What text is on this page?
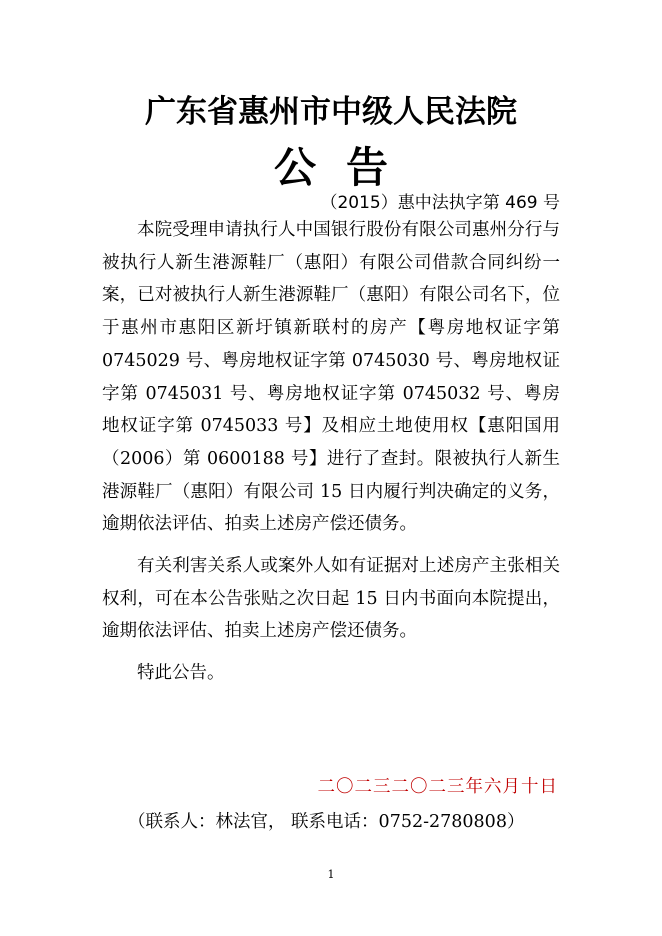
广东省惠州市中级人民法院
公告
（2015）惠中法执字第 469 号

本院受理申请执行人中国银行股份有限公司惠州分行与被执行人新生港源鞋厂（惠阳）有限公司借款合同纠纷一案，已对被执行人新生港源鞋厂（惠阳）有限公司名下，位于惠州市惠阳区新圩镇新联村的房产【粤房地权证字第 0745029 号、粤房地权证字第 0745030 号、粤房地权证字第 0745031 号、粤房地权证字第 0745032 号、粤房地权证字第 0745033 号】及相应土地使用权【惠阳国用（2006）第 0600188 号】进行了查封。限被执行人新生港源鞋厂（惠阳）有限公司 15 日内履行判决确定的义务，逾期依法评估、拍卖上述房产偿还债务。

有关利害关系人或案外人如有证据对上述房产主张相关权利，可在本公告张贴之次日起 15 日内书面向本院提出，逾期依法评估、拍卖上述房产偿还债务。

特此公告。

二〇二三二〇二三年六月十日
（联系人：林法官， 联系电话：0752-2780808）
1
